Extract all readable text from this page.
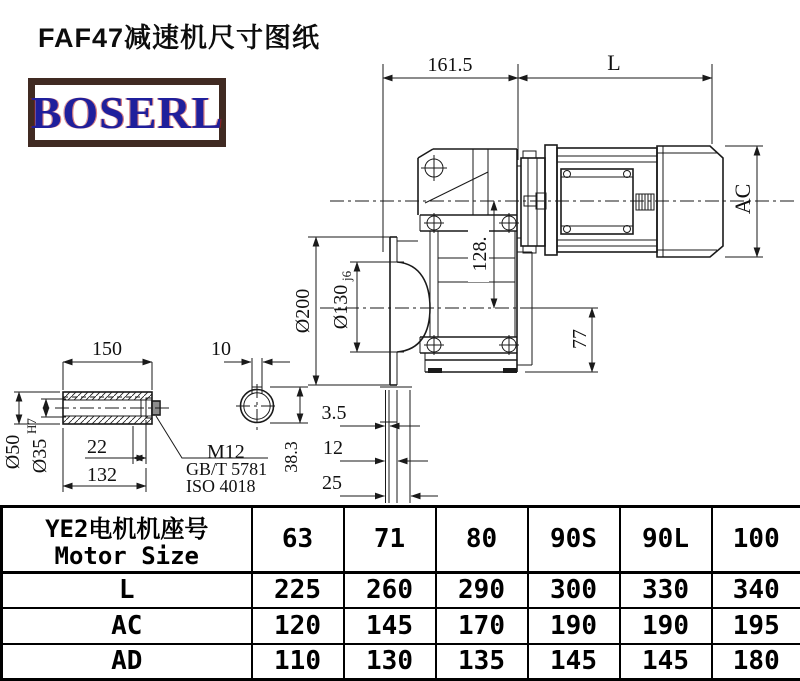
FAF47减速机尺寸图纸
BOSERL
161.5	L
AC
Ø200 Ø130
j6
128.
77
150	10
Ø50 Ø35
H7
22
132
M12
GB/T 5781
ISO 4018
3.5
12
25
38.3
YE2电机机座号
Motor Size	63	71	80	90S	90L	100
L	225	260	290	300	330	340
AC	120	145	170	190	190	195
AD	110	130	135	145	145	180
